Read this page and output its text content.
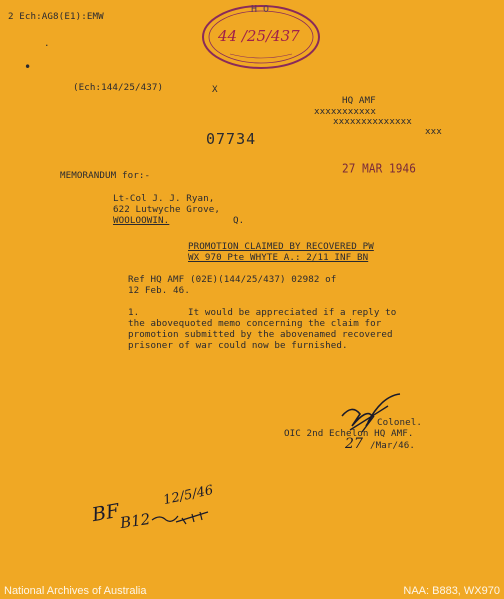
2 Ech:AG8(E1):EMW
.
•
(Ech:144/25/437)	X
H O
44 /25/437
HQ AMF
xxxxxxxxxxx
xxxxxxxxxxxxxx
xxx
07734
27 MAR 1946
MEMORANDUM for:-
Lt-Col J. J. Ryan,
622 Lutwyche Grove,
WOOLOOWIN.	Q.
PROMOTION CLAIMED BY RECOVERED PW
WX 970 Pte WHYTE A.: 2/11 INF BN
Ref HQ AMF (02E)(144/25/437) 02982 of
12 Feb. 46.
1.	It would be appreciated if a reply to
the abovequoted memo concerning the claim for
promotion submitted by the abovenamed recovered
prisoner of war could now be furnished.
Colonel.
OIC 2nd Echelon HQ AMF.
27 /Mar/46.
BF
B12
12/5/46
National Archives of Australia	NAA: B883, WX970
